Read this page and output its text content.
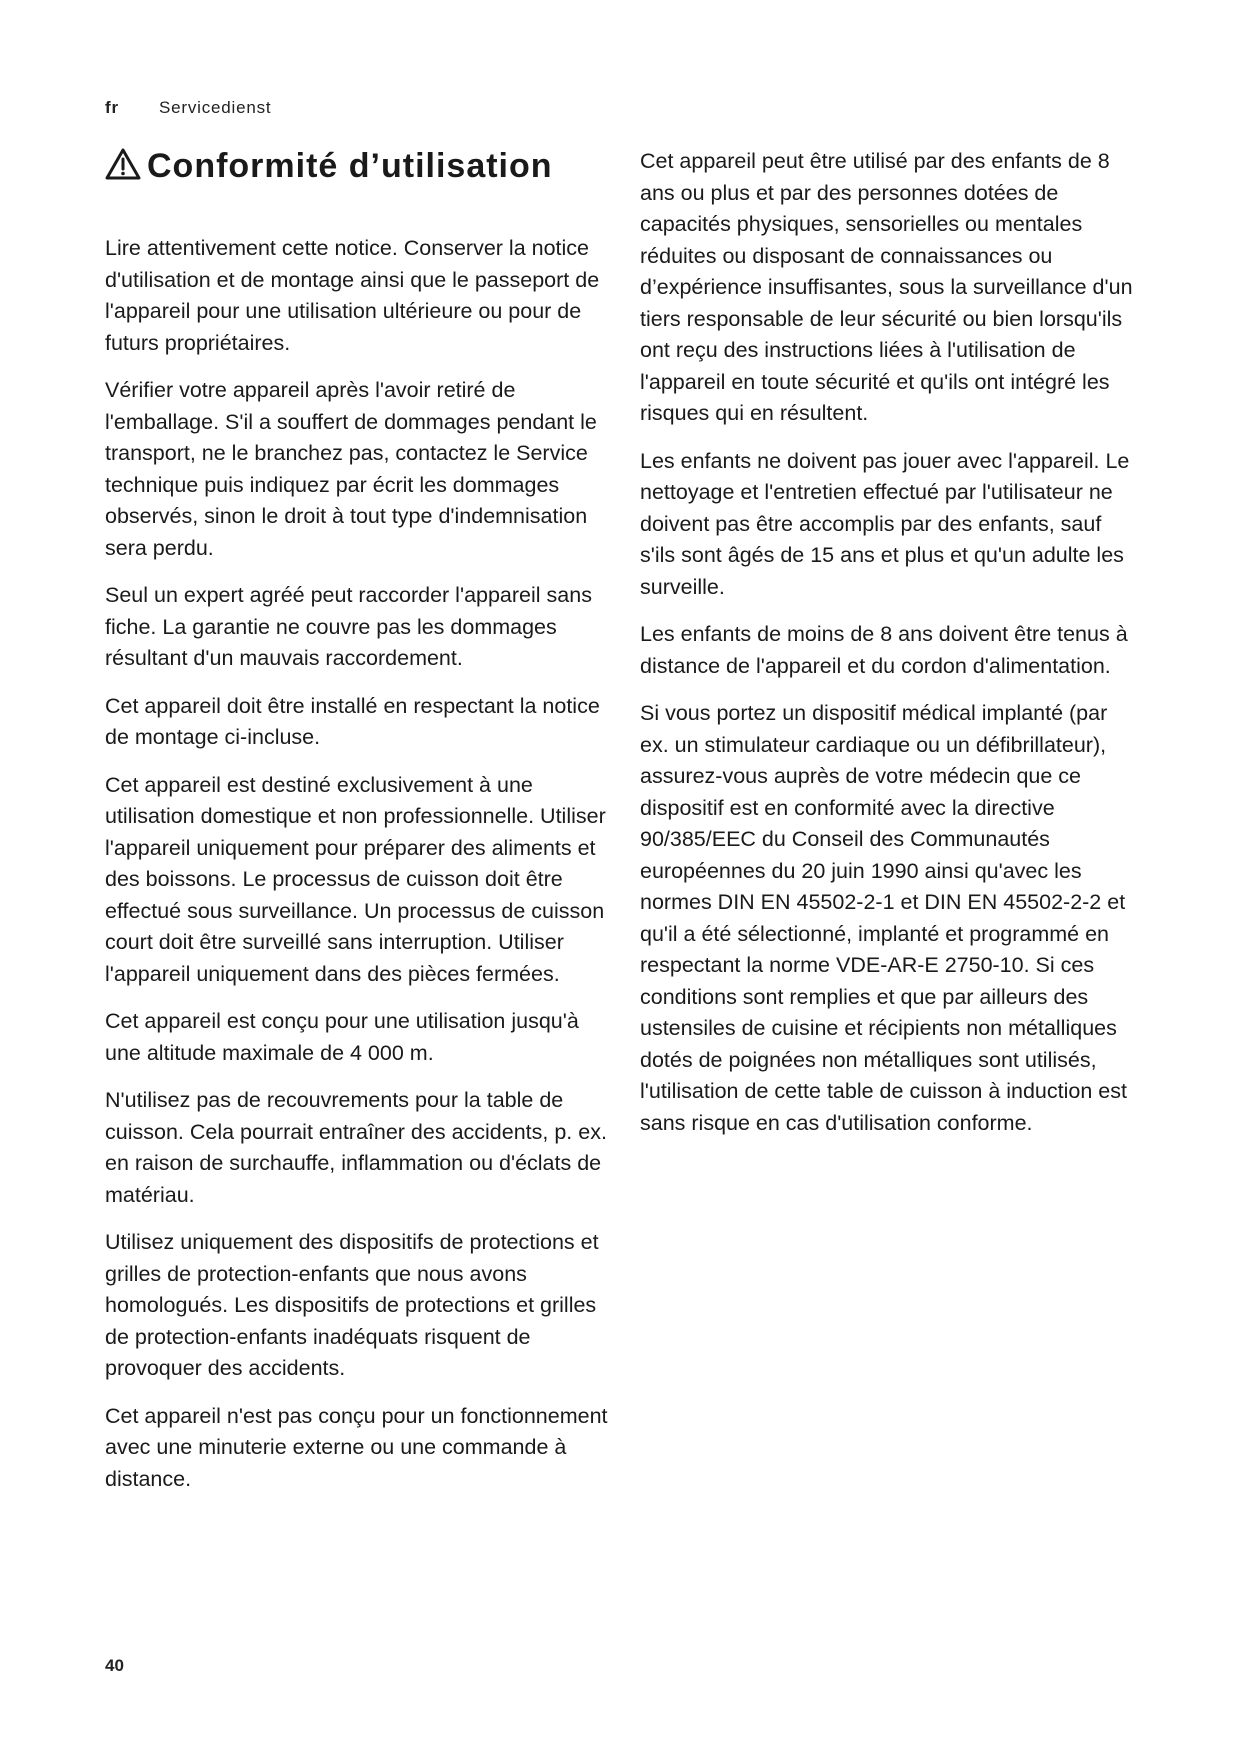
fr Servicedienst
Conformité d’utilisation

Lire attentivement cette notice. Conserver la notice d'utilisation et de montage ainsi que le passeport de l'appareil pour une utilisation ultérieure ou pour de futurs propriétaires.

Vérifier votre appareil après l'avoir retiré de l'emballage. S'il a souffert de dommages pendant le transport, ne le branchez pas, contactez le Service technique puis indiquez par écrit les dommages observés, sinon le droit à tout type d'indemnisation sera perdu.

Seul un expert agréé peut raccorder l'appareil sans fiche. La garantie ne couvre pas les dommages résultant d'un mauvais raccordement.

Cet appareil doit être installé en respectant la notice de montage ci-incluse.

Cet appareil est destiné exclusivement à une utilisation domestique et non professionnelle. Utiliser l'appareil uniquement pour préparer des aliments et des boissons. Le processus de cuisson doit être effectué sous surveillance. Un processus de cuisson court doit être surveillé sans interruption. Utiliser l'appareil uniquement dans des pièces fermées.

Cet appareil est conçu pour une utilisation jusqu'à une altitude maximale de 4 000 m.

N'utilisez pas de recouvrements pour la table de cuisson. Cela pourrait entraîner des accidents, p. ex. en raison de surchauffe, inflammation ou d'éclats de matériau.

Utilisez uniquement des dispositifs de protections et grilles de protection-enfants que nous avons homologués. Les dispositifs de protections et grilles de protection-enfants inadéquats risquent de provoquer des accidents.

Cet appareil n'est pas conçu pour un fonctionnement avec une minuterie externe ou une commande à distance.

Cet appareil peut être utilisé par des enfants de 8 ans ou plus et par des personnes dotées de capacités physiques, sensorielles ou mentales réduites ou disposant de connaissances ou d’expérience insuffisantes, sous la surveillance d'un tiers responsable de leur sécurité ou bien lorsqu'ils ont reçu des instructions liées à l'utilisation de l'appareil en toute sécurité et qu'ils ont intégré les risques qui en résultent.

Les enfants ne doivent pas jouer avec l'appareil. Le nettoyage et l'entretien effectué par l'utilisateur ne doivent pas être accomplis par des enfants, sauf s'ils sont âgés de 15 ans et plus et qu'un adulte les surveille.

Les enfants de moins de 8 ans doivent être tenus à distance de l'appareil et du cordon d'alimentation.

Si vous portez un dispositif médical implanté (par ex. un stimulateur cardiaque ou un défibrillateur), assurez-vous auprès de votre médecin que ce dispositif est en conformité avec la directive 90/385/EEC du Conseil des Communautés européennes du 20 juin 1990 ainsi qu'avec les normes DIN EN 45502-2-1 et DIN EN 45502-2-2 et qu'il a été sélectionné, implanté et programmé en respectant la norme VDE-AR-E 2750-10. Si ces conditions sont remplies et que par ailleurs des ustensiles de cuisine et récipients non métalliques dotés de poignées non métalliques sont utilisés, l'utilisation de cette table de cuisson à induction est sans risque en cas d'utilisation conforme.

40
